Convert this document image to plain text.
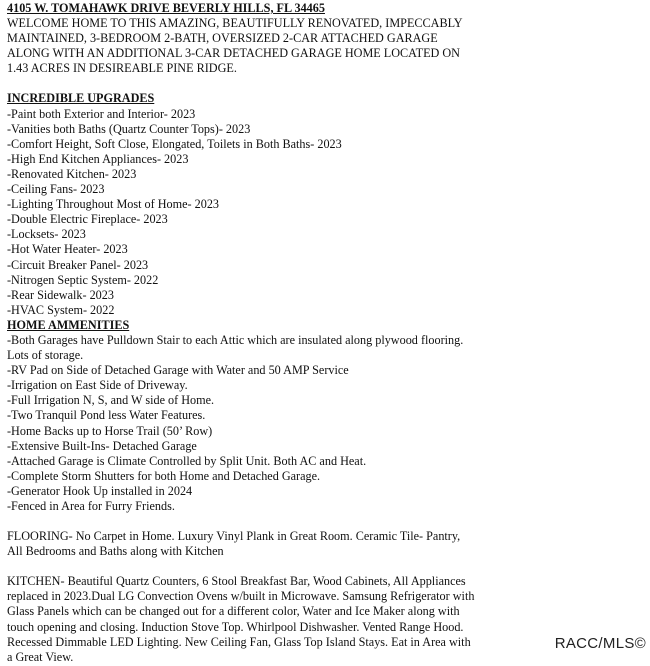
4105 W. TOMAHAWK DRIVE BEVERLY HILLS, FL 34465

WELCOME HOME TO THIS AMAZING, BEAUTIFULLY RENOVATED, IMPECCABLY

MAINTAINED, 3-BEDROOM 2-BATH, OVERSIZED 2-CAR ATTACHED GARAGE

ALONG WITH AN ADDITIONAL 3-CAR DETACHED GARAGE HOME LOCATED ON

1.43 ACRES IN DESIREABLE PINE RIDGE.

INCREDIBLE UPGRADES

-Paint both Exterior and Interior- 2023

-Vanities both Baths (Quartz Counter Tops)- 2023

-Comfort Height, Soft Close, Elongated, Toilets in Both Baths- 2023

-High End Kitchen Appliances- 2023

-Renovated Kitchen- 2023

-Ceiling Fans- 2023

-Lighting Throughout Most of Home- 2023

-Double Electric Fireplace- 2023

-Locksets- 2023

-Hot Water Heater- 2023

-Circuit Breaker Panel- 2023

-Nitrogen Septic System- 2022

-Rear Sidewalk- 2023

-HVAC System- 2022

HOME AMMENITIES

-Both Garages have Pulldown Stair to each Attic which are insulated along plywood flooring.

Lots of storage.

-RV Pad on Side of Detached Garage with Water and 50 AMP Service

-Irrigation on East Side of Driveway.

-Full Irrigation N, S, and W side of Home.

-Two Tranquil Pond less Water Features.

-Home Backs up to Horse Trail (50’ Row)

-Extensive Built-Ins- Detached Garage

-Attached Garage is Climate Controlled by Split Unit. Both AC and Heat.

-Complete Storm Shutters for both Home and Detached Garage.

-Generator Hook Up installed in 2024

-Fenced in Area for Furry Friends.

FLOORING- No Carpet in Home. Luxury Vinyl Plank in Great Room. Ceramic Tile- Pantry,

All Bedrooms and Baths along with Kitchen

KITCHEN- Beautiful Quartz Counters, 6 Stool Breakfast Bar, Wood Cabinets, All Appliances

replaced in 2023.Dual LG Convection Ovens w/built in Microwave. Samsung Refrigerator with

Glass Panels which can be changed out for a different color, Water and Ice Maker along with

touch opening and closing. Induction Stove Top. Whirlpool Dishwasher. Vented Range Hood.

Recessed Dimmable LED Lighting. New Ceiling Fan, Glass Top Island Stays. Eat in Area with

a Great View.

RACC/MLS©
